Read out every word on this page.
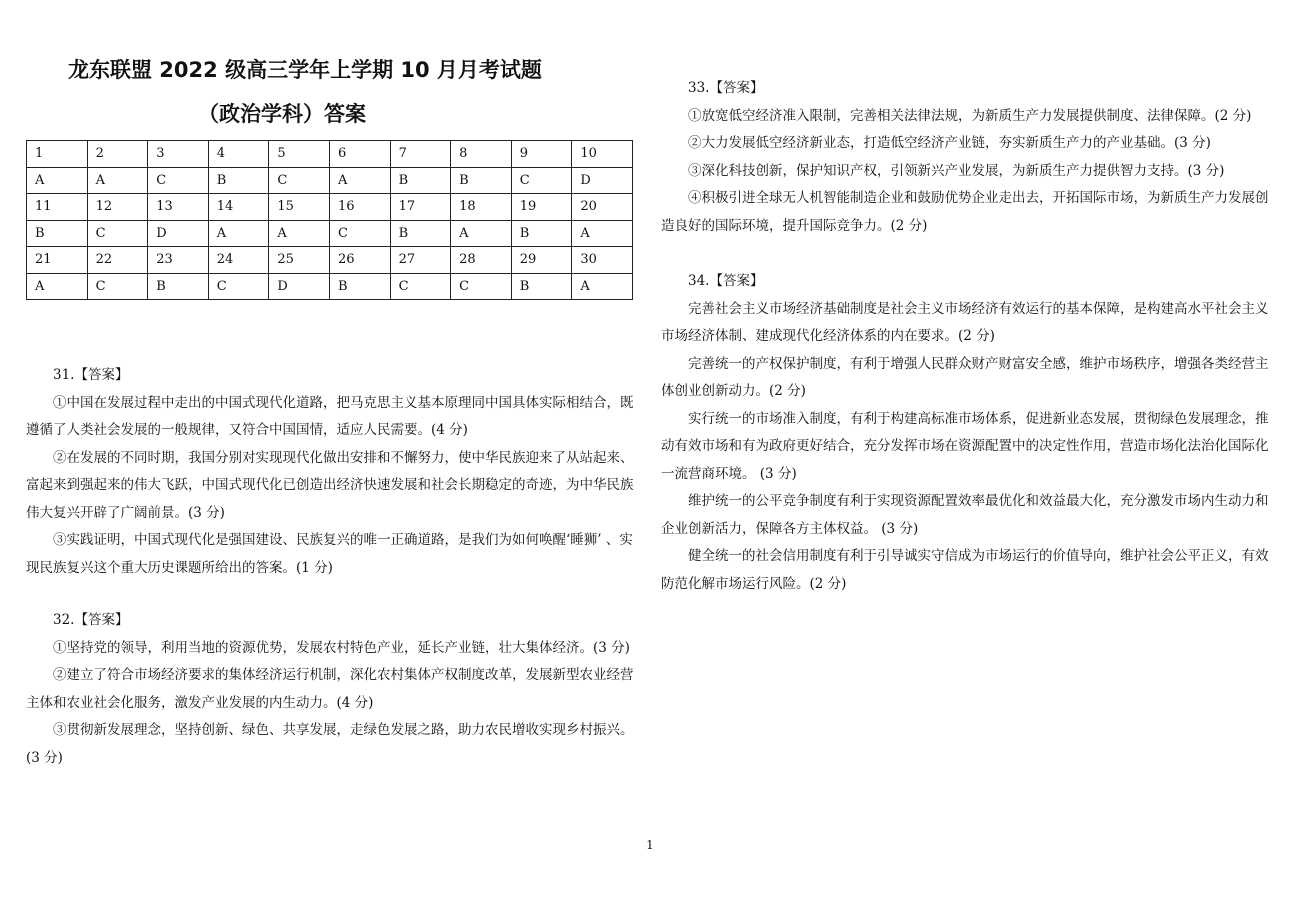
龙东联盟 2022 级高三学年上学期 10 月月考试题
（政治学科）答案
1	2	3	4	5	6	7	8	9	10
A	A	C	B	C	A	B	B	C	D
11	12	13	14	15	16	17	18	19	20
B	C	D	A	A	C	B	A	B	A
21	22	23	24	25	26	27	28	29	30
A	C	B	C	D	B	C	C	B	A
31.【答案】

①中国在发展过程中走出的中国式现代化道路，把马克思主义基本原理同中国具体实际相结合，既遵循了人类社会发展的一般规律，又符合中国国情，适应人民需要。(4 分)

②在发展的不同时期，我国分别对实现现代化做出安排和不懈努力，使中华民族迎来了从站起来、富起来到强起来的伟大飞跃，中国式现代化已创造出经济快速发展和社会长期稳定的奇迹，为中华民族伟大复兴开辟了广阔前景。(3 分)

③实践证明，中国式现代化是强国建设、民族复兴的唯一正确道路，是我们为如何唤醒‘睡狮’ 、实现民族复兴这个重大历史课题所给出的答案。(1 分)

32.【答案】

①坚持党的领导，利用当地的资源优势，发展农村特色产业，延长产业链，壮大集体经济。(3 分)

②建立了符合市场经济要求的集体经济运行机制，深化农村集体产权制度改革，发展新型农业经营主体和农业社会化服务，激发产业发展的内生动力。(4 分)

③贯彻新发展理念，坚持创新、绿色、共享发展，走绿色发展之路，助力农民增收实现乡村振兴。(3 分)

33.【答案】

①放宽低空经济准入限制，完善相关法律法规，为新质生产力发展提供制度、法律保障。(2 分)

②大力发展低空经济新业态，打造低空经济产业链，夯实新质生产力的产业基础。(3 分)

③深化科技创新，保护知识产权，引领新兴产业发展，为新质生产力提供智力支持。(3 分)

④积极引进全球无人机智能制造企业和鼓励优势企业走出去，开拓国际市场，为新质生产力发展创造良好的国际环境，提升国际竞争力。(2 分)

34.【答案】

完善社会主义市场经济基础制度是社会主义市场经济有效运行的基本保障，是构建高水平社会主义市场经济体制、建成现代化经济体系的内在要求。(2 分)

完善统一的产权保护制度，有利于增强人民群众财产财富安全感，维护市场秩序，增强各类经营主体创业创新动力。(2 分)

实行统一的市场准入制度，有利于构建高标准市场体系，促进新业态发展，贯彻绿色发展理念，推动有效市场和有为政府更好结合，充分发挥市场在资源配置中的决定性作用，营造市场化法治化国际化一流营商环境。 (3 分)

维护统一的公平竞争制度有利于实现资源配置效率最优化和效益最大化，充分激发市场内生动力和企业创新活力，保障各方主体权益。 (3 分)

健全统一的社会信用制度有利于引导诚实守信成为市场运行的价值导向，维护社会公平正义，有效防范化解市场运行风险。(2 分)

1
